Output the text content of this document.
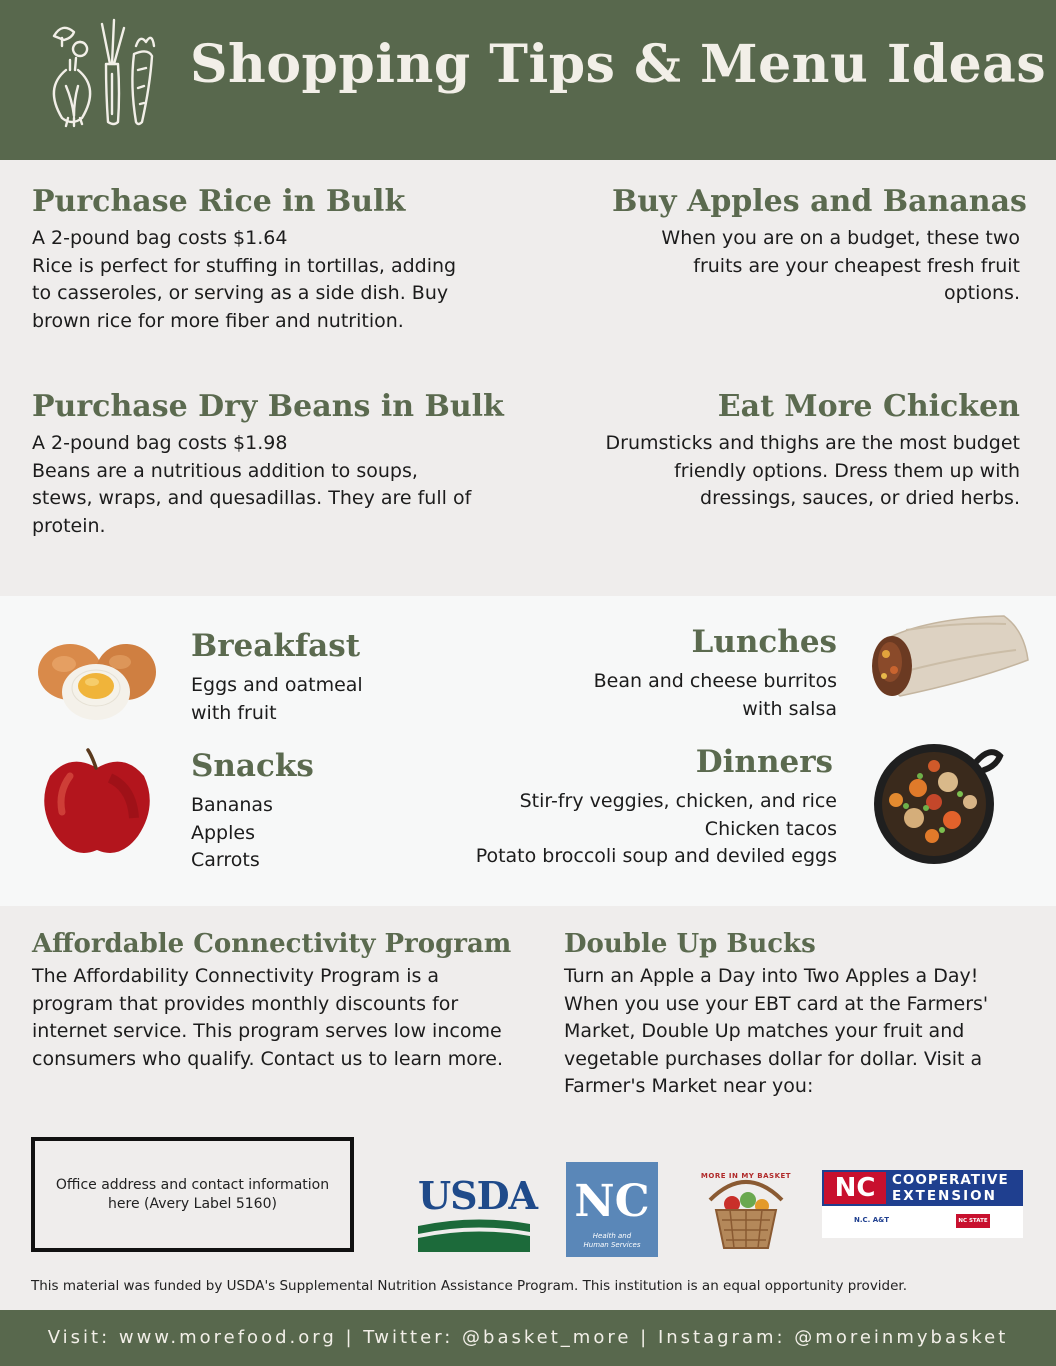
Shopping Tips & Menu Ideas
Purchase Rice in Bulk

A 2-pound bag costs $1.64

Rice is perfect for stuffing in tortillas, adding to casseroles, or serving as a side dish. Buy brown rice for more fiber and nutrition.

Buy Apples and Bananas

When you are on a budget, these two fruits are your cheapest fresh fruit options.

Purchase Dry Beans in Bulk

A 2-pound bag costs $1.98

Beans are a nutritious addition to soups, stews, wraps, and quesadillas. They are full of protein.

Eat More Chicken

Drumsticks and thighs are the most budget friendly options. Dress them up with dressings, sauces, or dried herbs.

Breakfast

Eggs and oatmeal

with fruit

Lunches

Bean and cheese burritos

with salsa

Snacks

Bananas

Apples

Carrots

Dinners

Stir-fry veggies, chicken, and rice

Chicken tacos

Potato broccoli soup and deviled eggs

Affordable Connectivity Program

The Affordability Connectivity Program is a program that provides monthly discounts for internet service. This program serves low income consumers who qualify. Contact us to learn more.

Double Up Bucks

Turn an Apple a Day into Two Apples a Day! When you use your EBT card at the Farmers' Market, Double Up matches your fruit and vegetable purchases dollar for dollar. Visit a Farmer's Market near you:

Office address and contact information here (Avery Label 5160)	USDA NC
Health and Human Services
MORE IN MY BASKET	NC	COOPERATIVE
EXTENSION
N.C. A&T	NC STATE
This material was funded by USDA's Supplemental Nutrition Assistance Program. This institution is an equal opportunity provider.
Visit: www.morefood.org | Twitter: @basket_more | Instagram: @moreinmybasket
